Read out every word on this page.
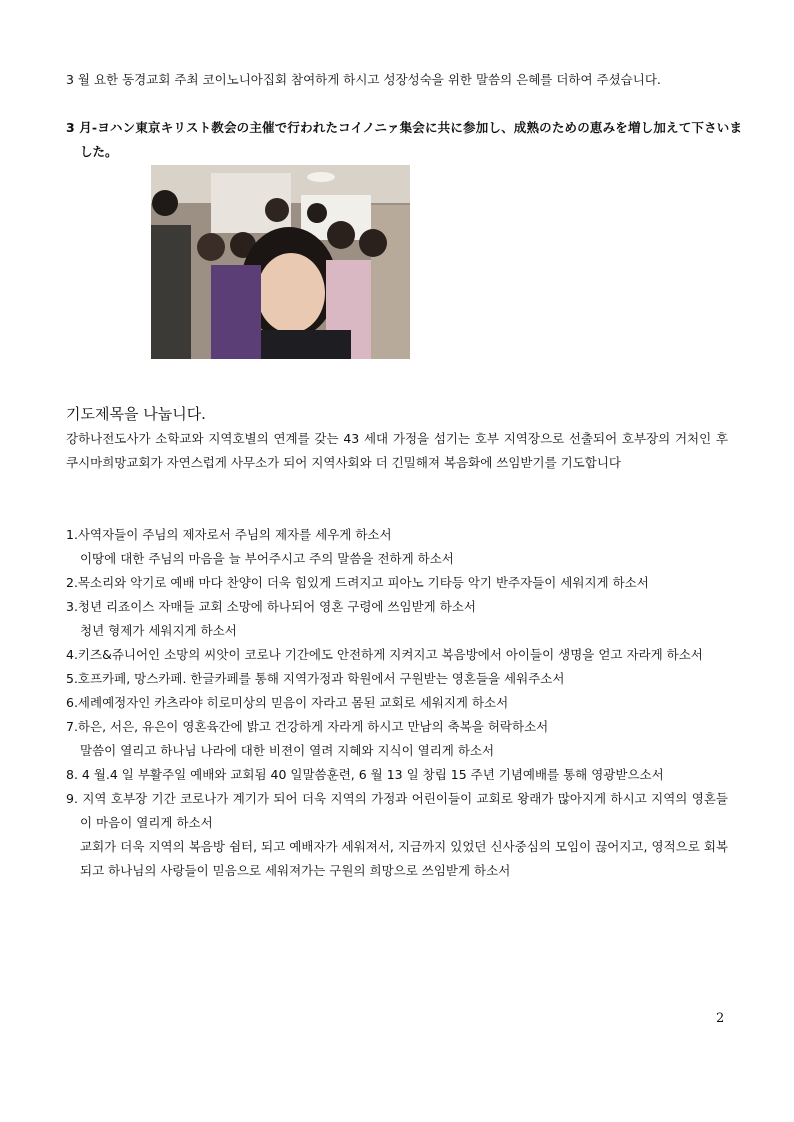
3 월 요한 동경교회 주최 코이노니아집회 참여하게 하시고 성장성숙을 위한 말씀의 은혜를 더하여 주셨습니다.
3 月-ヨハン東京キリスト教会の主催で行われたコイノニァ集会に共に参加し、成熟のための恵みを増し加えて下さいました。
기도제목을 나눕니다.
강하나전도사가 소학교와 지역호별의 연계를 갖는 43 세대 가정을 섬기는 호부 지역장으로 선출되어 호부장의 거처인 후쿠시마희망교회가 자연스럽게 사무소가 되어 지역사회와 더 긴밀해져 복음화에 쓰임받기를 기도합니다
1.사역자들이 주님의 제자로서 주님의 제자를 세우게 하소서
이땅에 대한 주님의 마음을 늘 부어주시고 주의 말씀을 전하게 하소서
2.목소리와 악기로 예배 마다 찬양이 더욱 힘있게 드려지고 피아노 기타등 악기 반주자들이 세워지게 하소서
3.청년 리죠이스 자매들 교회 소망에 하나되어 영혼 구령에 쓰임받게 하소서
청년 형제가 세워지게 하소서
4.키즈&쥬니어인 소망의 씨앗이 코로나 기간에도 안전하게 지켜지고 복음방에서 아이들이 생명을 얻고 자라게 하소서
5.호프카페, 망스카페. 한글카페를 통해 지역가정과 학원에서 구원받는 영혼들을 세워주소서
6.세례예정자인 카츠라야 히로미상의 믿음이 자라고 몸된 교회로 세워지게 하소서
7.하은, 서은, 유은이 영혼육간에 밝고 건강하게 자라게 하시고 만남의 축복을 허락하소서
말씀이 열리고 하나님 나라에 대한 비젼이 열려 지혜와 지식이 열리게 하소서
8. 4 월.4 일 부활주일 예배와 교회됨 40 일말씀훈련, 6 월 13 일 창립 15 주년 기념예배를 통해 영광받으소서
9. 지역 호부장 기간 코로나가 계기가 되어 더욱 지역의 가정과 어린이들이 교회로 왕래가 많아지게 하시고 지역의 영혼들이 마음이 열리게 하소서
교회가 더욱 지역의 복음방 쉼터, 되고 예배자가 세워져서, 지금까지 있었던 신사중심의 모임이 끊어지고, 영적으로 회복되고 하나님의 사랑들이 믿음으로 세워져가는 구원의 희망으로 쓰임받게 하소서
2
